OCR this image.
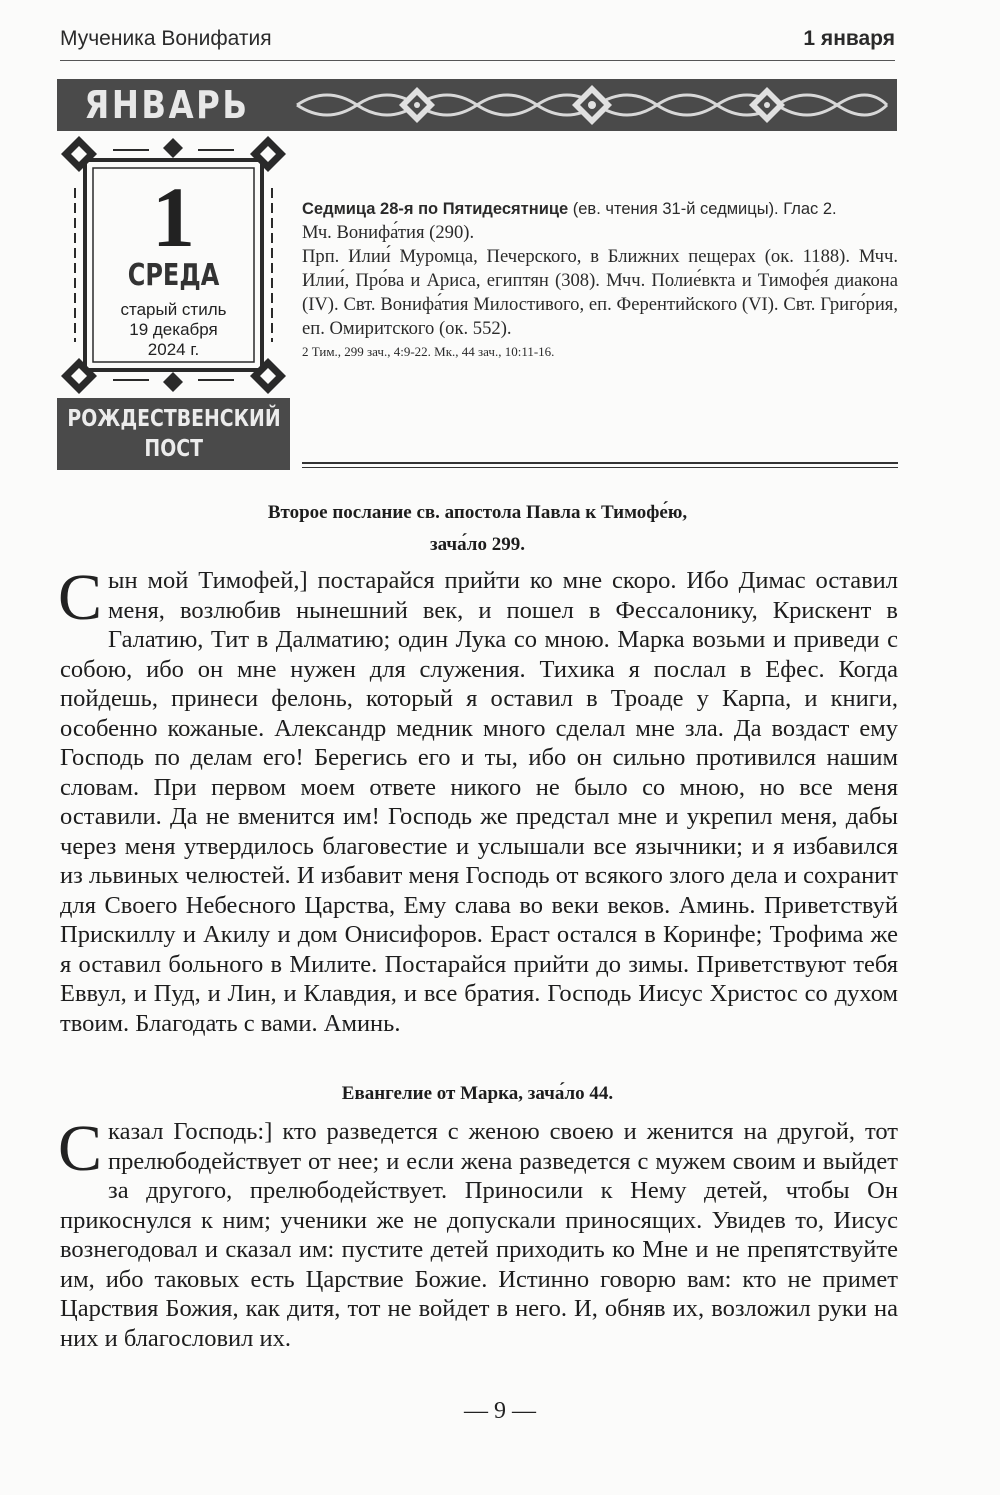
Мученика Вонифатия	1 января
ЯНВАРЬ
1
СРЕДА
старый стиль
19 декабря
2024 г.
РОЖДЕСТВЕНСКИЙ
ПОСТ
Седмица 28-я по Пятидесятнице (ев. чтения 31-й седмицы). Глас 2.

Мч. Вонифа́тия (290).

Прп. Илии́ Муромца, Печерского, в Ближних пещерах (ок. 1188). Мчч. Илии́, Про́ва и Ариса, египтян (308). Мчч. Полие́вкта и Тимофе́я диакона (IV). Свт. Вонифа́тия Милостивого, еп. Ферентийского (VI). Свт. Григо́рия, еп. Омиритского (ок. 552).

2 Тим., 299 зач., 4:9-22. Мк., 44 зач., 10:11-16.

Второе послание св. апостола Павла к Тимофе́ю,
зача́ло 299.
Сын мой Тимофей,] постарайся прийти ко мне скоро. Ибо Димас оставил меня, возлюбив нынешний век, и пошел в Фессалонику, Крискент в Галатию, Тит в Далматию; один Лука со мною. Марка возьми и приведи с собою, ибо он мне нужен для служения. Тихика я послал в Ефес. Когда пойдешь, принеси фелонь, который я оставил в Троаде у Карпа, и книги, особенно кожаные. Александр медник много сделал мне зла. Да воздаст ему Господь по делам его! Берегись его и ты, ибо он сильно противился нашим словам. При первом моем ответе никого не было со мною, но все меня оставили. Да не вменится им! Господь же предстал мне и укрепил меня, дабы через меня утвердилось благовестие и услышали все язычники; и я избавился из львиных челюстей. И избавит меня Господь от всякого злого дела и сохранит для Своего Небесного Царства, Ему слава во веки веков. Аминь. Приветствуй Прискиллу и Акилу и дом Онисифоров. Ераст остался в Коринфе; Трофима же я оставил больного в Милите. Постарайся прийти до зимы. Приветствуют тебя Еввул, и Пуд, и Лин, и Клавдия, и все братия. Господь Иисус Христос со духом твоим. Благодать с вами. Аминь.
Евангелие от Марка, зача́ло 44.
Сказал Господь:] кто разведется с женою своею и женится на другой, тот прелюбодействует от нее; и если жена разведется с мужем своим и выйдет за другого, прелюбодействует. Приносили к Нему детей, чтобы Он прикоснулся к ним; ученики же не допускали приносящих. Увидев то, Иисус вознегодовал и сказал им: пустите детей приходить ко Мне и не препятствуйте им, ибо таковых есть Царствие Божие. Истинно говорю вам: кто не примет Царствия Божия, как дитя, тот не войдет в него. И, обняв их, возложил руки на них и благословил их.
— 9 —
